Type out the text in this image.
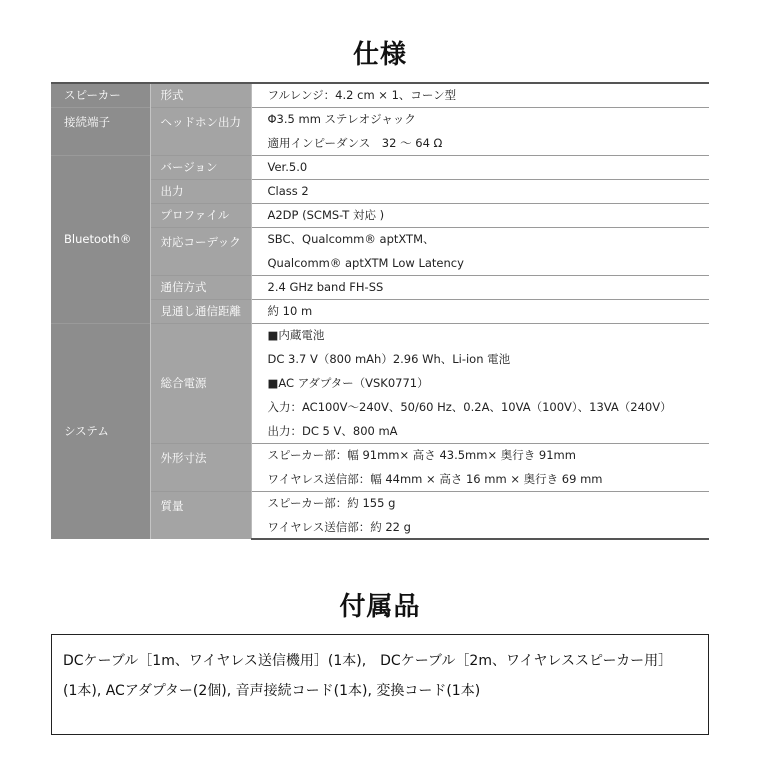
仕様
スピーカー	形式	フルレンジ：4.2 cm × 1、コーン型
接続端子	ヘッドホン出力	Φ3.5 mm ステレオジャック
		適用インピーダンス　32 ～ 64 Ω
Bluetooth®	バージョン	Ver.5.0
	出力	Class 2
	プロファイル	A2DP (SCMS-T 対応 )
	対応コーデック	SBC、Qualcomm® aptXTM、
		Qualcomm® aptXTM Low Latency
	通信方式	2.4 GHz band FH-SS
	見通し通信距離	約 10 m
システム	総合電源	■内蔵電池
		DC 3.7 V（800 mAh）2.96 Wh、Li-ion 電池
		■AC アダプター（VSK0771）
		入力：AC100V～240V、50/60 Hz、0.2A、10VA（100V）、13VA（240V）
		出力：DC 5 V、800 mA
	外形寸法	スピーカー部：幅 91mm× 高さ 43.5mm× 奥行き 91mm
		ワイヤレス送信部：幅 44mm × 高さ 16 mm × 奥行き 69 mm
	質量	スピーカー部：約 155 g
		ワイヤレス送信部：約 22 g
付属品
DCケーブル［1m、ワイヤレス送信機用］(1本),　DCケーブル［2m、ワイヤレススピーカー用］
(1本), ACアダプター(2個), 音声接続コード(1本), 変換コード(1本)
